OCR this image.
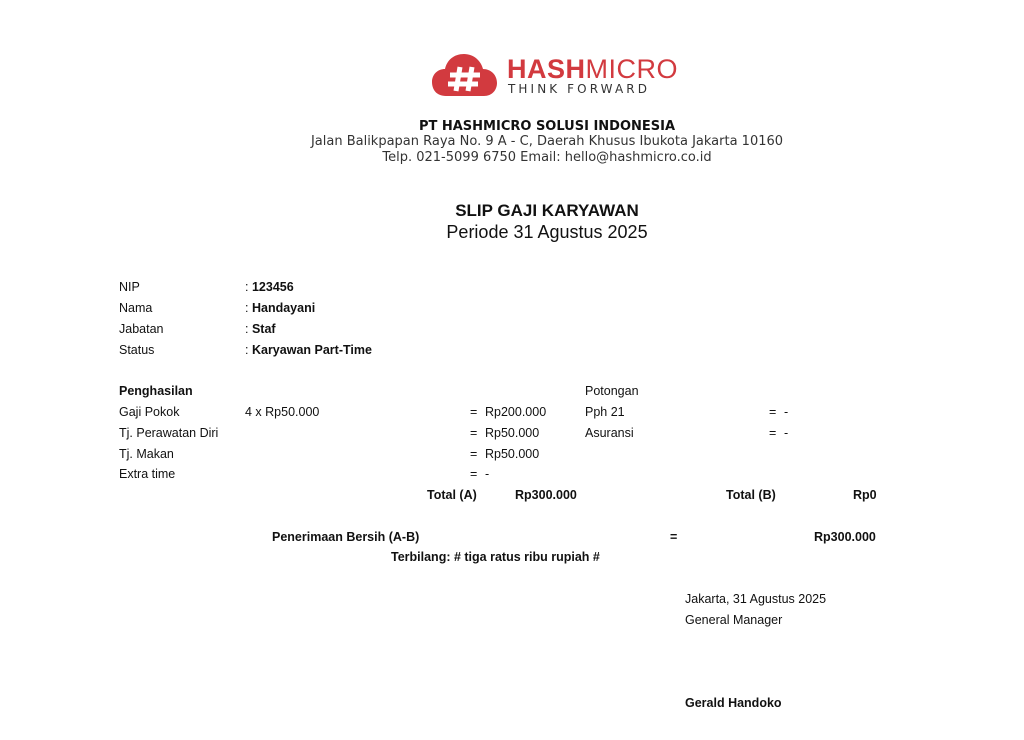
HASHMICRO
THINK FORWARD
PT HASHMICRO SOLUSI INDONESIA
Jalan Balikpapan Raya No. 9 A - C, Daerah Khusus Ibukota Jakarta 10160
Telp. 021-5099 6750 Email: hello@hashmicro.co.id
SLIP GAJI KARYAWAN
Periode 31 Agustus 2025
NIP	: 123456
Nama	: Handayani
Jabatan	: Staf
Status	: Karyawan Part-Time
Penghasilan
Gaji Pokok	4 x Rp50.000	= Rp200.000
Tj. Perawatan Diri	= Rp50.000
Tj. Makan	= Rp50.000
Extra time	= -
Total (A)	Rp300.000
Potongan
Pph 21	= -
Asuransi	= -
Total (B)	Rp0
Penerimaan Bersih (A-B)	=	Rp300.000
Terbilang: # tiga ratus ribu rupiah #
Jakarta, 31 Agustus 2025
General Manager
Gerald Handoko
